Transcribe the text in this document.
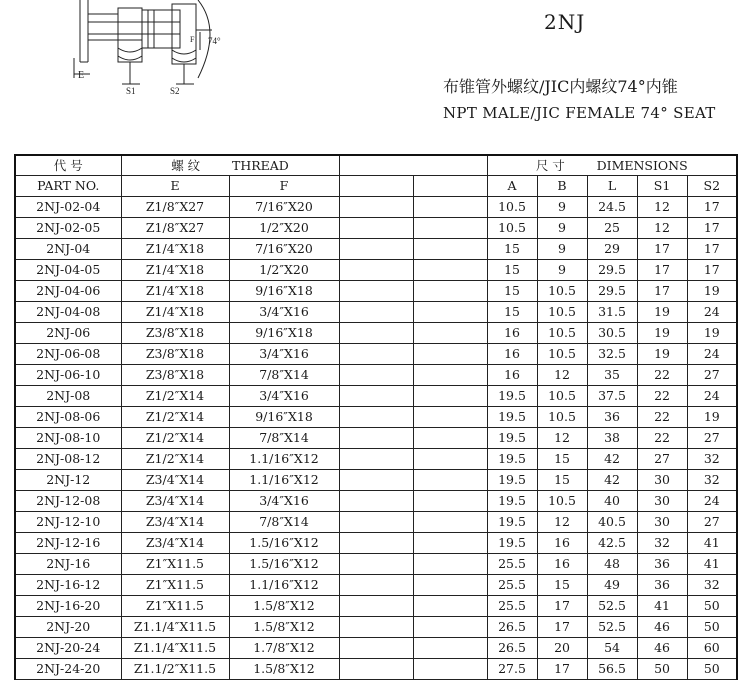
E
S1	S2
74°
F
2NJ
布锥管外螺纹/JIC内螺纹74°内锥
NPT MALE/JIC FEMALE 74° SEAT
代 号	螺 纹 THREAD				尺 寸 DIMENSIONS				
PART NO.	E	F			A	B	L	S1	S2
2NJ-02-04	Z1/8″X27	7/16″X20			10.5	9	24.5	12	17
2NJ-02-05	Z1/8″X27	1/2″X20			10.5	9	25	12	17
2NJ-04	Z1/4″X18	7/16″X20			15	9	29	17	17
2NJ-04-05	Z1/4″X18	1/2″X20			15	9	29.5	17	17
2NJ-04-06	Z1/4″X18	9/16″X18			15	10.5	29.5	17	19
2NJ-04-08	Z1/4″X18	3/4″X16			15	10.5	31.5	19	24
2NJ-06	Z3/8″X18	9/16″X18			16	10.5	30.5	19	19
2NJ-06-08	Z3/8″X18	3/4″X16			16	10.5	32.5	19	24
2NJ-06-10	Z3/8″X18	7/8″X14			16	12	35	22	27
2NJ-08	Z1/2″X14	3/4″X16			19.5	10.5	37.5	22	24
2NJ-08-06	Z1/2″X14	9/16″X18			19.5	10.5	36	22	19
2NJ-08-10	Z1/2″X14	7/8″X14			19.5	12	38	22	27
2NJ-08-12	Z1/2″X14	1.1/16″X12			19.5	15	42	27	32
2NJ-12	Z3/4″X14	1.1/16″X12			19.5	15	42	30	32
2NJ-12-08	Z3/4″X14	3/4″X16			19.5	10.5	40	30	24
2NJ-12-10	Z3/4″X14	7/8″X14			19.5	12	40.5	30	27
2NJ-12-16	Z3/4″X14	1.5/16″X12			19.5	16	42.5	32	41
2NJ-16	Z1″X11.5	1.5/16″X12			25.5	16	48	36	41
2NJ-16-12	Z1″X11.5	1.1/16″X12			25.5	15	49	36	32
2NJ-16-20	Z1″X11.5	1.5/8″X12			25.5	17	52.5	41	50
2NJ-20	Z1.1/4″X11.5	1.5/8″X12			26.5	17	52.5	46	50
2NJ-20-24	Z1.1/4″X11.5	1.7/8″X12			26.5	20	54	46	60
2NJ-24-20	Z1.1/2″X11.5	1.5/8″X12			27.5	17	56.5	50	50
